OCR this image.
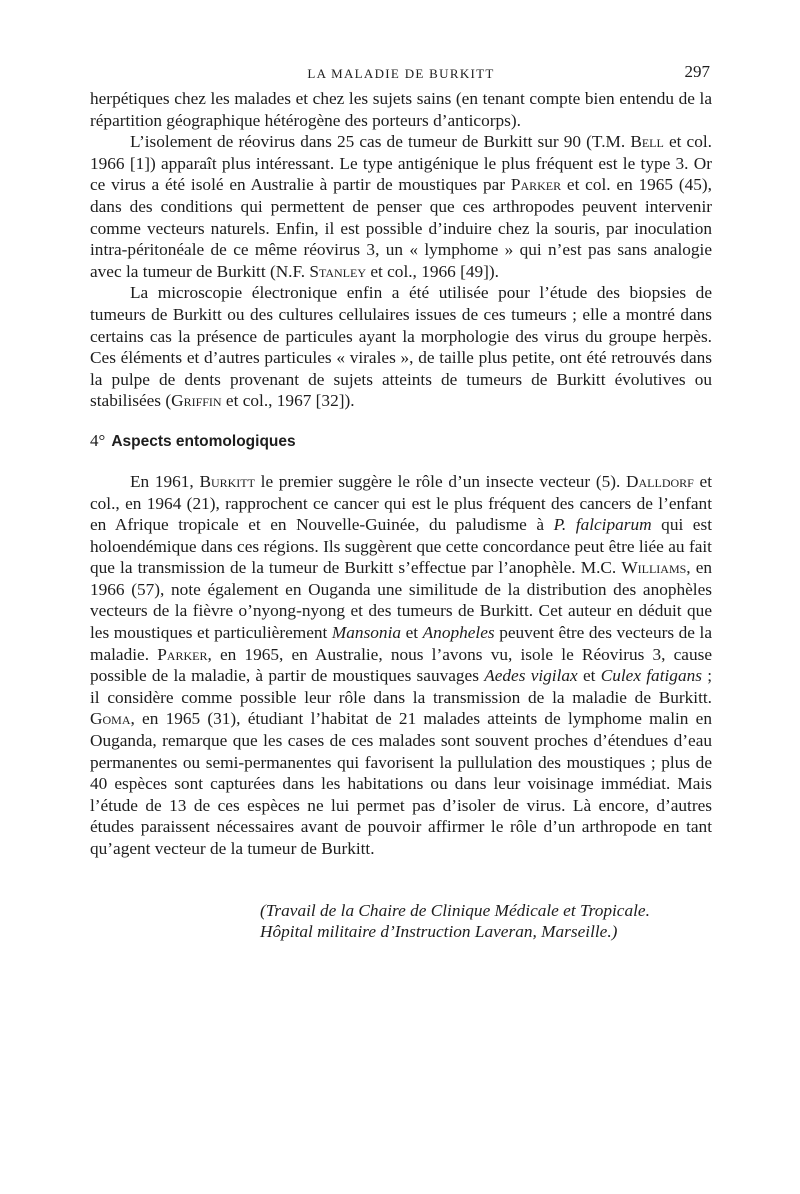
LA MALADIE DE BURKITT	297

herpétiques chez les malades et chez les sujets sains (en tenant compte bien entendu de la répartition géographique hétérogène des porteurs d’anticorps).

L’isolement de réovirus dans 25 cas de tumeur de Burkitt sur 90 (T.M. Bell et col. 1966 [1]) apparaît plus intéressant. Le type antigénique le plus fréquent est le type 3. Or ce virus a été isolé en Australie à partir de moustiques par Parker et col. en 1965 (45), dans des conditions qui permettent de penser que ces arthropodes peuvent intervenir comme vecteurs naturels. Enfin, il est possible d’induire chez la souris, par inoculation intra-péritonéale de ce même réovirus 3, un « lymphome » qui n’est pas sans analogie avec la tumeur de Burkitt (N.F. Stanley et col., 1966 [49]).

La microscopie électronique enfin a été utilisée pour l’étude des biopsies de tumeurs de Burkitt ou des cultures cellulaires issues de ces tumeurs ; elle a montré dans certains cas la présence de particules ayant la morphologie des virus du groupe herpès. Ces éléments et d’autres particules « virales », de taille plus petite, ont été retrouvés dans la pulpe de dents provenant de sujets atteints de tumeurs de Burkitt évolutives ou stabilisées (Griffin et col., 1967 [32]).

4° Aspects entomologiques

En 1961, Burkitt le premier suggère le rôle d’un insecte vecteur (5). Dalldorf et col., en 1964 (21), rapprochent ce cancer qui est le plus fréquent des cancers de l’enfant en Afrique tropicale et en Nouvelle-Guinée, du paludisme à P. falciparum qui est holoendémique dans ces régions. Ils suggèrent que cette concordance peut être liée au fait que la transmission de la tumeur de Burkitt s’effectue par l’anophèle. M.C. Williams, en 1966 (57), note également en Ouganda une similitude de la distribution des anophèles vecteurs de la fièvre o’nyong-nyong et des tumeurs de Burkitt. Cet auteur en déduit que les moustiques et particulièrement Mansonia et Anopheles peuvent être des vecteurs de la maladie. Parker, en 1965, en Australie, nous l’avons vu, isole le Réovirus 3, cause possible de la maladie, à partir de moustiques sauvages Aedes vigilax et Culex fatigans ; il considère comme possible leur rôle dans la transmission de la maladie de Burkitt. Goma, en 1965 (31), étudiant l’habitat de 21 malades atteints de lymphome malin en Ouganda, remarque que les cases de ces malades sont souvent proches d’étendues d’eau permanentes ou semi-permanentes qui favorisent la pullulation des moustiques ; plus de 40 espèces sont capturées dans les habitations ou dans leur voisinage immédiat. Mais l’étude de 13 de ces espèces ne lui permet pas d’isoler de virus. Là encore, d’autres études paraissent nécessaires avant de pouvoir affirmer le rôle d’un arthropode en tant qu’agent vecteur de la tumeur de Burkitt.

(Travail de la Chaire de Clinique Médicale et Tropicale.
Hôpital militaire d’Instruction Laveran, Marseille.)
